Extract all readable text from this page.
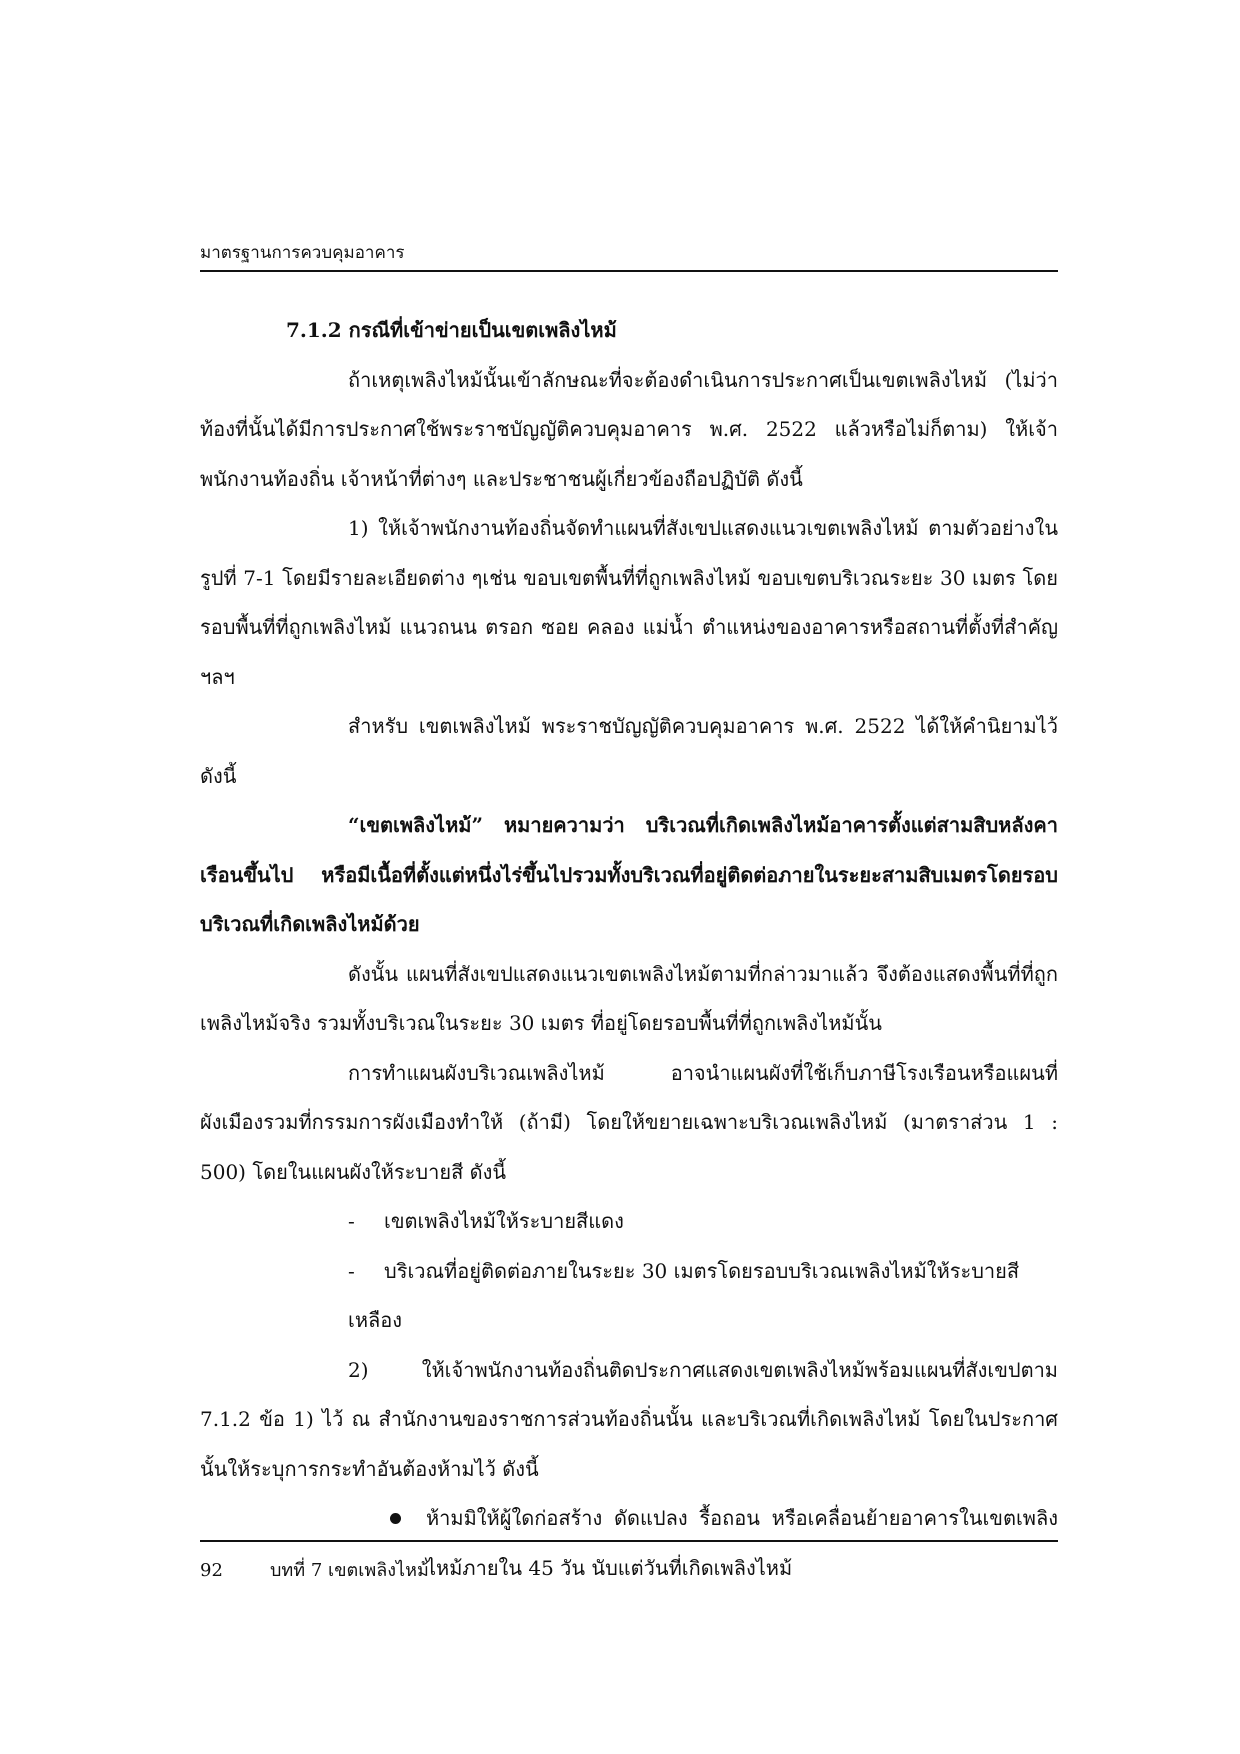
มาตรฐานการควบคุมอาคาร

7.1.2 กรณีที่เข้าข่ายเป็นเขตเพลิงไหม้

ถ้าเหตุเพลิงไหม้นั้นเข้าลักษณะที่จะต้องดำเนินการประกาศเป็นเขตเพลิงไหม้ (ไม่ว่าท้องที่นั้นได้มีการประกาศใช้พระราชบัญญัติควบคุมอาคาร พ.ศ. 2522 แล้วหรือไม่ก็ตาม) ให้เจ้าพนักงานท้องถิ่น เจ้าหน้าที่ต่างๆ และประชาชนผู้เกี่ยวข้องถือปฏิบัติ ดังนี้

1) ให้เจ้าพนักงานท้องถิ่นจัดทำแผนที่สังเขปแสดงแนวเขตเพลิงไหม้ ตามตัวอย่างในรูปที่ 7-1 โดยมีรายละเอียดต่าง ๆเช่น ขอบเขตพื้นที่ที่ถูกเพลิงไหม้ ขอบเขตบริเวณระยะ 30 เมตร โดยรอบพื้นที่ที่ถูกเพลิงไหม้ แนวถนน ตรอก ซอย คลอง แม่น้ำ ตำแหน่งของอาคารหรือสถานที่ตั้งที่สำคัญ ฯลฯ

สำหรับ เขตเพลิงไหม้ พระราชบัญญัติควบคุมอาคาร พ.ศ. 2522 ได้ให้คำนิยามไว้ดังนี้

“เขตเพลิงไหม้” หมายความว่า บริเวณที่เกิดเพลิงไหม้อาคารตั้งแต่สามสิบหลังคาเรือนขึ้นไป หรือมีเนื้อที่ตั้งแต่หนึ่งไร่ขึ้นไปรวมทั้งบริเวณที่อยู่ติดต่อภายในระยะสามสิบเมตรโดยรอบบริเวณที่เกิดเพลิงไหม้ด้วย

ดังนั้น แผนที่สังเขปแสดงแนวเขตเพลิงไหม้ตามที่กล่าวมาแล้ว จึงต้องแสดงพื้นที่ที่ถูกเพลิงไหม้จริง รวมทั้งบริเวณในระยะ 30 เมตร ที่อยู่โดยรอบพื้นที่ที่ถูกเพลิงไหม้นั้น

การทำแผนผังบริเวณเพลิงไหม้ อาจนำแผนผังที่ใช้เก็บภาษีโรงเรือนหรือแผนที่ผังเมืองรวมที่กรรมการผังเมืองทำให้ (ถ้ามี) โดยให้ขยายเฉพาะบริเวณเพลิงไหม้ (มาตราส่วน 1 : 500) โดยในแผนผังให้ระบายสี ดังนี้

- เขตเพลิงไหม้ให้ระบายสีแดง

- บริเวณที่อยู่ติดต่อภายในระยะ 30 เมตรโดยรอบบริเวณเพลิงไหม้ให้ระบายสีเหลือง

2) ให้เจ้าพนักงานท้องถิ่นติดประกาศแสดงเขตเพลิงไหม้พร้อมแผนที่สังเขปตาม 7.1.2 ข้อ 1) ไว้ ณ สำนักงานของราชการส่วนท้องถิ่นนั้น และบริเวณที่เกิดเพลิงไหม้ โดยในประกาศนั้นให้ระบุการกระทำอันต้องห้ามไว้ ดังนี้

ห้ามมิให้ผู้ใดก่อสร้าง ดัดแปลง รื้อถอน หรือเคลื่อนย้ายอาคารในเขตเพลิงไหม้ภายใน 45 วัน นับแต่วันที่เกิดเพลิงไหม้

92	บทที่ 7 เขตเพลิงไหม้
